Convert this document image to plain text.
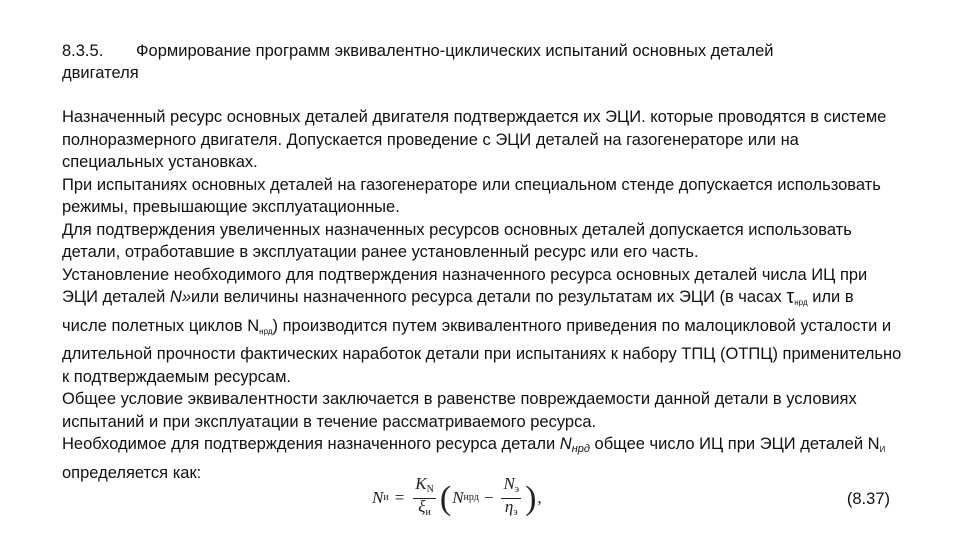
8.3.5. Формирование программ эквивалентно-циклических испытаний основных деталей
двигателя

Назначенный ресурс основных деталей двигателя подтверждается их ЭЦИ. которые проводятся в системе полноразмерного двигателя. Допускается проведение с ЭЦИ деталей на газогенераторе или на специальных установках.

При испытаниях основных деталей на газогенераторе или специальном стенде допускается использовать режимы, превышающие эксплуатационные.

Для подтверждения увеличенных назначенных ресурсов основных деталей допускается использовать детали, отработавшие в эксплуатации ранее установленный ресурс или его часть.

Установление необходимого для подтверждения назначенного ресурса основных деталей числа ИЦ при ЭЦИ деталей N»или величины назначенного ресурса детали по результатам их ЭЦИ (в часах $\tau_{нрд}$ или в числе полетных циклов $N_{нрд}$) производится путем эквивалентного приведения по малоцикловой усталости и длительной прочности фактических наработок детали при испытаниях к набору ТПЦ (ОТПЦ) применительно к подтверждаемым ресурсам.

Общее условие эквивалентности заключается в равенстве повреждаемости данной детали в условиях испытаний и при эксплуатации в течение рассматриваемого ресурса.

Необходимое для подтверждения назначенного ресурса детали Nнрд общее число ИЦ при ЭЦИ деталей $N_И$ определяется как:

N $и = \frac{KN}{\xi и}$ ( N нрд − $\frac{Nэ}{\eta э}$ ) ,	(8.37)
